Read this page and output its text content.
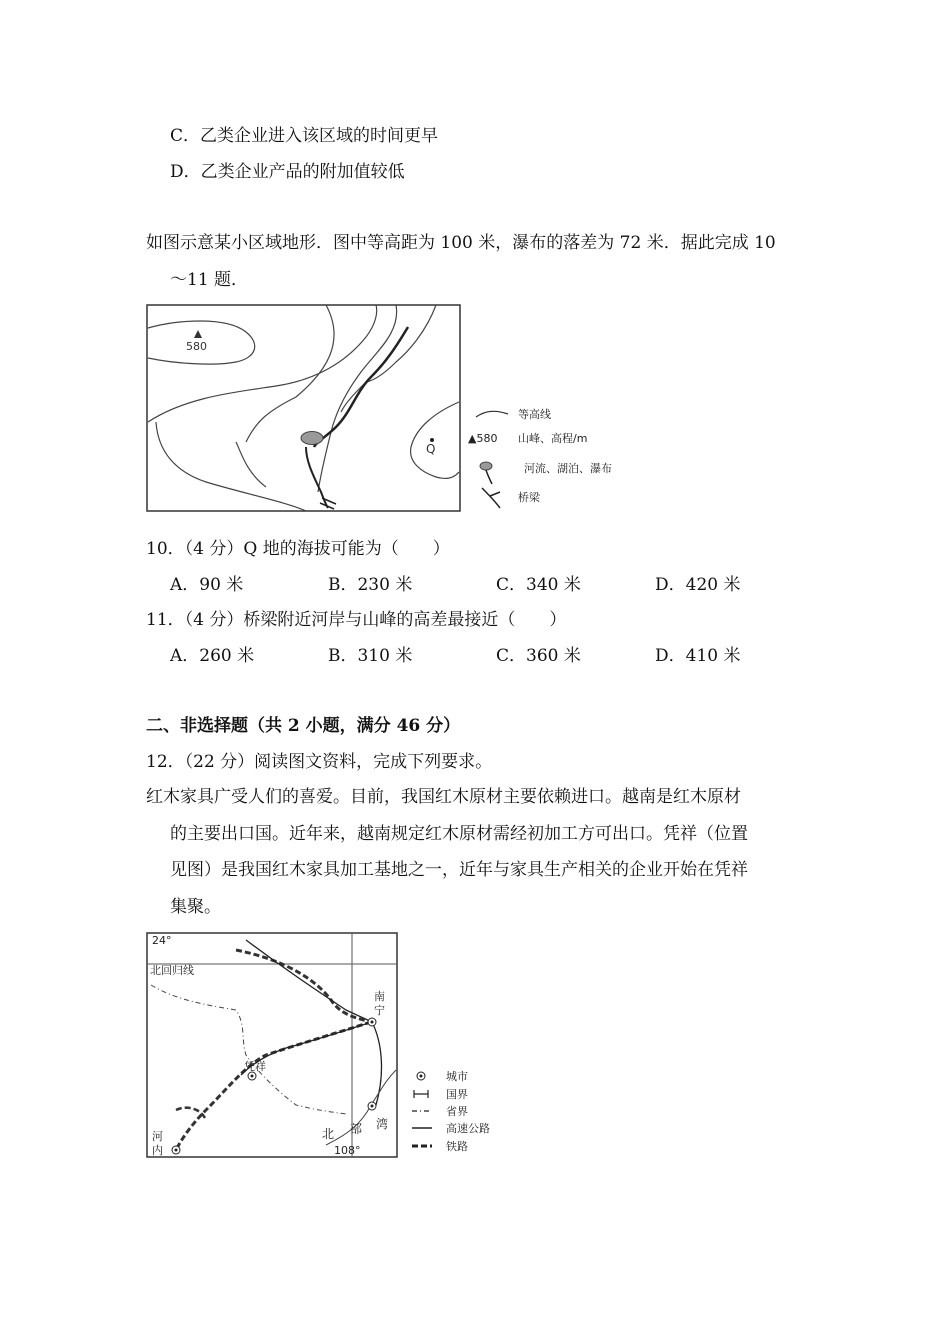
C．乙类企业进入该区域的时间更早
D．乙类企业产品的附加值较低
如图示意某小区域地形．图中等高距为 100 米，瀑布的落差为 72 米．据此完成 10
～11 题．
580
Q
等高线
▲580 山峰、高程/m
河流、湖泊、瀑布
桥梁
10．（4 分）Q 地的海拔可能为（　　）
A．90 米	B．230 米	C．340 米	D．420 米
11．（4 分）桥梁附近河岸与山峰的高差最接近（　　）
A．260 米	B．310 米	C．360 米	D．410 米
二、非选择题（共 2 小题，满分 46 分）
12．（22 分）阅读图文资料，完成下列要求。
红木家具广受人们的喜爱。目前，我国红木原材主要依赖进口。越南是红木原材
的主要出口国。近年来，越南规定红木原材需经初加工方可出口。凭祥（位置
见图）是我国红木家具加工基地之一，近年与家具生产相关的企业开始在凭祥
集聚。
24°
北回归线
108°
南
宁
凭祥
河
内
北 部 湾
城市
国界
省界
高速公路
铁路
